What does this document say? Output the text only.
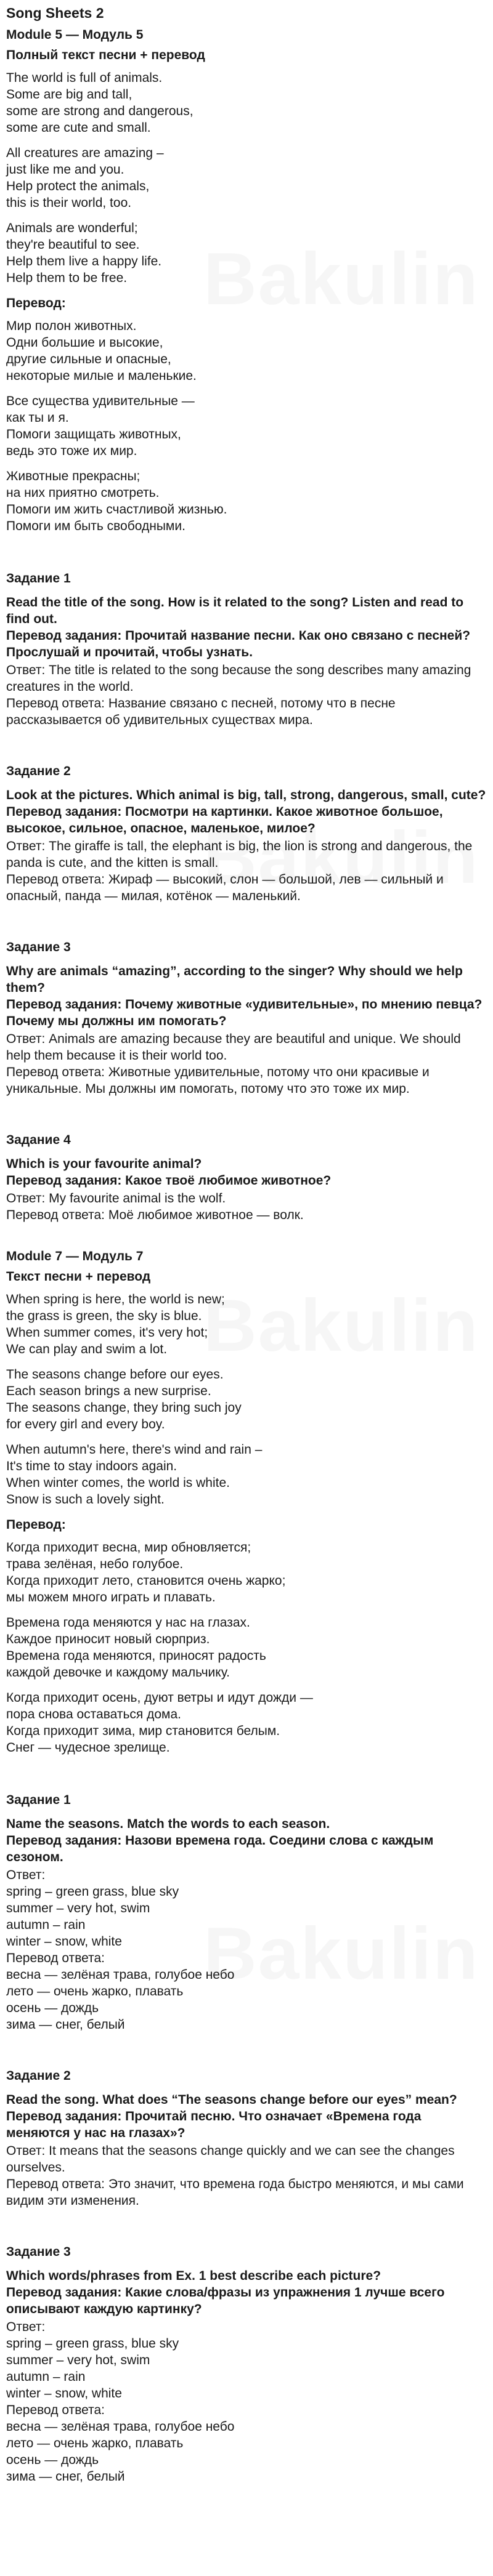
Song Sheets 2
Module 5 — Модуль 5
Полный текст песни + перевод
The world is full of animals.
Some are big and tall,
some are strong and dangerous,
some are cute and small.
All creatures are amazing –
just like me and you.
Help protect the animals,
this is their world, too.
Animals are wonderful;
they're beautiful to see.
Help them live a happy life.
Help them to be free.
Перевод:
Мир полон животных.
Одни большие и высокие,
другие сильные и опасные,
некоторые милые и маленькие.
Все существа удивительные —
как ты и я.
Помоги защищать животных,
ведь это тоже их мир.
Животные прекрасны;
на них приятно смотреть.
Помоги им жить счастливой жизнью.
Помоги им быть свободными.
Задание 1
Read the title of the song. How is it related to the song? Listen and read to find out.
Перевод задания: Прочитай название песни. Как оно связано с песней? Прослушай и прочитай, чтобы узнать.
Ответ: The title is related to the song because the song describes many amazing creatures in the world.
Перевод ответа: Название связано с песней, потому что в песне рассказывается об удивительных существах мира.
Задание 2
Look at the pictures. Which animal is big, tall, strong, dangerous, small, cute?
Перевод задания: Посмотри на картинки. Какое животное большое, высокое, сильное, опасное, маленькое, милое?
Ответ: The giraffe is tall, the elephant is big, the lion is strong and dangerous, the panda is cute, and the kitten is small.
Перевод ответа: Жираф — высокий, слон — большой, лев — сильный и опасный, панда — милая, котёнок — маленький.
Задание 3
Why are animals “amazing”, according to the singer? Why should we help them?
Перевод задания: Почему животные «удивительные», по мнению певца? Почему мы должны им помогать?
Ответ: Animals are amazing because they are beautiful and unique. We should help them because it is their world too.
Перевод ответа: Животные удивительные, потому что они красивые и уникальные. Мы должны им помогать, потому что это тоже их мир.
Задание 4
Which is your favourite animal?
Перевод задания: Какое твоё любимое животное?
Ответ: My favourite animal is the wolf.
Перевод ответа: Моё любимое животное — волк.
Module 7 — Модуль 7
Текст песни + перевод
When spring is here, the world is new;
the grass is green, the sky is blue.
When summer comes, it's very hot;
We can play and swim a lot.
The seasons change before our eyes.
Each season brings a new surprise.
The seasons change, they bring such joy
for every girl and every boy.
When autumn's here, there's wind and rain –
It's time to stay indoors again.
When winter comes, the world is white.
Snow is such a lovely sight.
Перевод:
Когда приходит весна, мир обновляется;
трава зелёная, небо голубое.
Когда приходит лето, становится очень жарко;
мы можем много играть и плавать.
Времена года меняются у нас на глазах.
Каждое приносит новый сюрприз.
Времена года меняются, приносят радость
каждой девочке и каждому мальчику.
Когда приходит осень, дуют ветры и идут дожди —
пора снова оставаться дома.
Когда приходит зима, мир становится белым.
Снег — чудесное зрелище.
Задание 1
Name the seasons. Match the words to each season.
Перевод задания: Назови времена года. Соедини слова с каждым сезоном.
Ответ:
spring – green grass, blue sky
summer – very hot, swim
autumn – rain
winter – snow, white
Перевод ответа:
весна — зелёная трава, голубое небо
лето — очень жарко, плавать
осень — дождь
зима — снег, белый
Задание 2
Read the song. What does “The seasons change before our eyes” mean?
Перевод задания: Прочитай песню. Что означает «Времена года меняются у нас на глазах»?
Ответ: It means that the seasons change quickly and we can see the changes ourselves.
Перевод ответа: Это значит, что времена года быстро меняются, и мы сами видим эти изменения.
Задание 3
Which words/phrases from Ex. 1 best describe each picture?
Перевод задания: Какие слова/фразы из упражнения 1 лучше всего описывают каждую картинку?
Ответ:
spring – green grass, blue sky
summer – very hot, swim
autumn – rain
winter – snow, white
Перевод ответа:
весна — зелёная трава, голубое небо
лето — очень жарко, плавать
осень — дождь
зима — снег, белый
